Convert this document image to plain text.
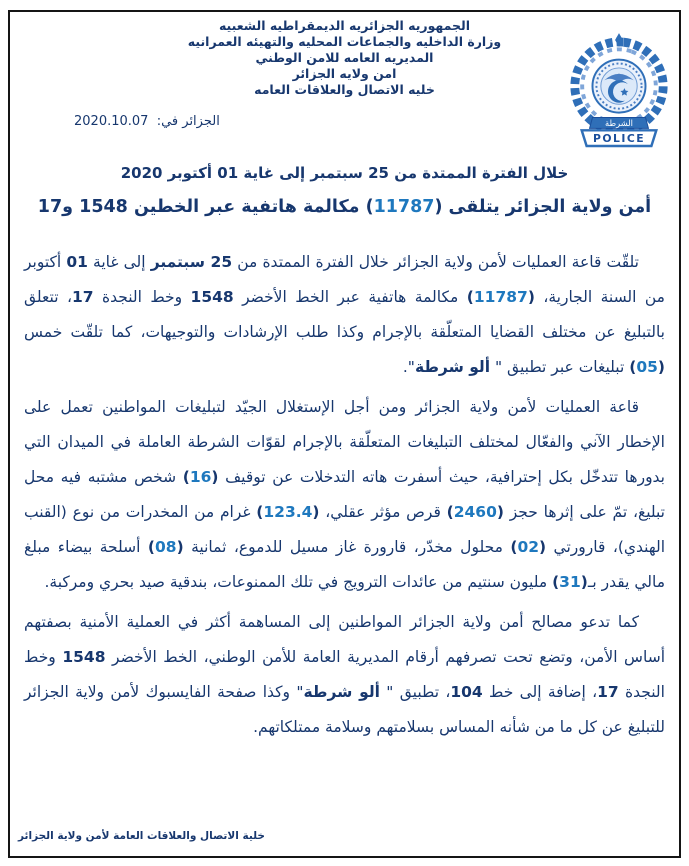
الجمهوريه الجزائريه الديمقراطيه الشعبيه
وزارة الداخليه والجماعات المحليه والتهيئه العمرانيه
المديريه العامه للامن الوطني
امن ولايه الجزائر
خليه الاتصال والعلاقات العامه
الشرطة
POLICE
الجزائر في:  2020.10.07
خلال الفترة الممتدة من 25 سبتمبر إلى غاية 01 أكتوبر 2020
أمن ولاية الجزائر يتلقى (11787) مكالمة هاتفية عبر الخطين 1548 و17

تلقّت قاعة العمليات لأمن ولاية الجزائر خلال الفترة الممتدة من 25 سبتمبر إلى غاية 01 أكتوبر من السنة الجارية، (11787) مكالمة هاتفية عبر الخط الأخضر 1548 وخط النجدة 17، تتعلق بالتبليغ عن مختلف القضايا المتعلّقة بالإجرام وكذا طلب الإرشادات والتوجيهات، كما تلقّت خمس (05) تبليغات عبر تطبيق " ألو شرطة".

قاعة العمليات لأمن ولاية الجزائر ومن أجل الإستغلال الجيّد لتبليغات المواطنين تعمل على الإخطار الآني والفعّال لمختلف التبليغات المتعلّقة بالإجرام لقوّات الشرطة العاملة في الميدان التي بدورها تتدخّل بكل إحترافية، حيث أسفرت هاته التدخلات عن توقيف (16) شخص مشتبه فيه محل تبليغ، تمّ على إثرها حجز (2460) قرص مؤثر عقلي، (123.4) غرام من المخدرات من نوع (القنب الهندي)، قارورتي (02) محلول مخدّر، قارورة غاز مسيل للدموع، ثمانية (08) أسلحة بيضاء مبلغ مالي يقدر بـ(31) مليون سنتيم من عائدات الترويج في تلك الممنوعات، بندقية صيد بحري ومركبة.

كما تدعو مصالح أمن ولاية الجزائر المواطنين إلى المساهمة أكثر في العملية الأمنية بصفتهم أساس الأمن، وتضع تحت تصرفهم أرقام المديرية العامة للأمن الوطني، الخط الأخضر 1548 وخط النجدة 17، إضافة إلى خط 104، تطبيق " ألو شرطة" وكذا صفحة الفايسبوك لأمن ولاية الجزائر للتبليغ عن كل ما من شأنه المساس بسلامتهم وسلامة ممتلكاتهم.

خلية الاتصال والعلاقات العامة لأمن ولاية الجزائر
